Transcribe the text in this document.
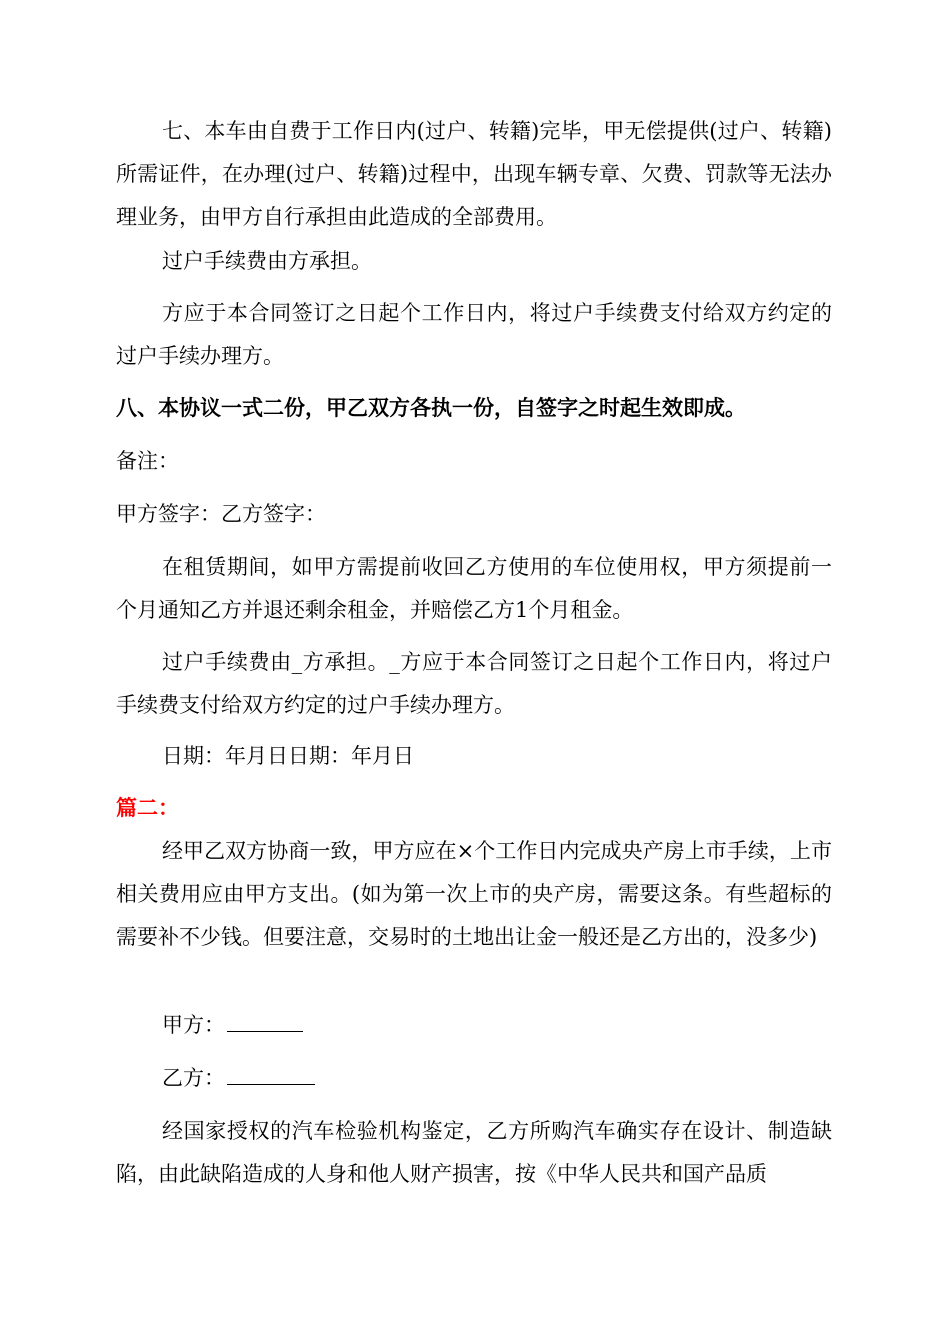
七、本车由自费于工作日内(过户、转籍)完毕，甲无偿提供(过户、转籍)所需证件，在办理(过户、转籍)过程中，出现车辆专章、欠费、罚款等无法办理业务，由甲方自行承担由此造成的全部费用。

过户手续费由方承担。

方应于本合同签订之日起个工作日内，将过户手续费支付给双方约定的过户手续办理方。

八、本协议一式二份，甲乙双方各执一份，自签字之时起生效即成。

备注：

甲方签字：乙方签字：

在租赁期间，如甲方需提前收回乙方使用的车位使用权，甲方须提前一个月通知乙方并退还剩余租金，并赔偿乙方1个月租金。

过户手续费由_方承担。_方应于本合同签订之日起个工作日内，将过户手续费支付给双方约定的过户手续办理方。

日期：年月日日期：年月日

篇二：

经甲乙双方协商一致，甲方应在×个工作日内完成央产房上市手续，上市相关费用应由甲方支出。(如为第一次上市的央产房，需要这条。有些超标的需要补不少钱。但要注意，交易时的土地出让金一般还是乙方出的，没多少)

甲方：

乙方：

经国家授权的汽车检验机构鉴定，乙方所购汽车确实存在设计、制造缺陷，由此缺陷造成的人身和他人财产损害，按《中华人民共和国产品质
